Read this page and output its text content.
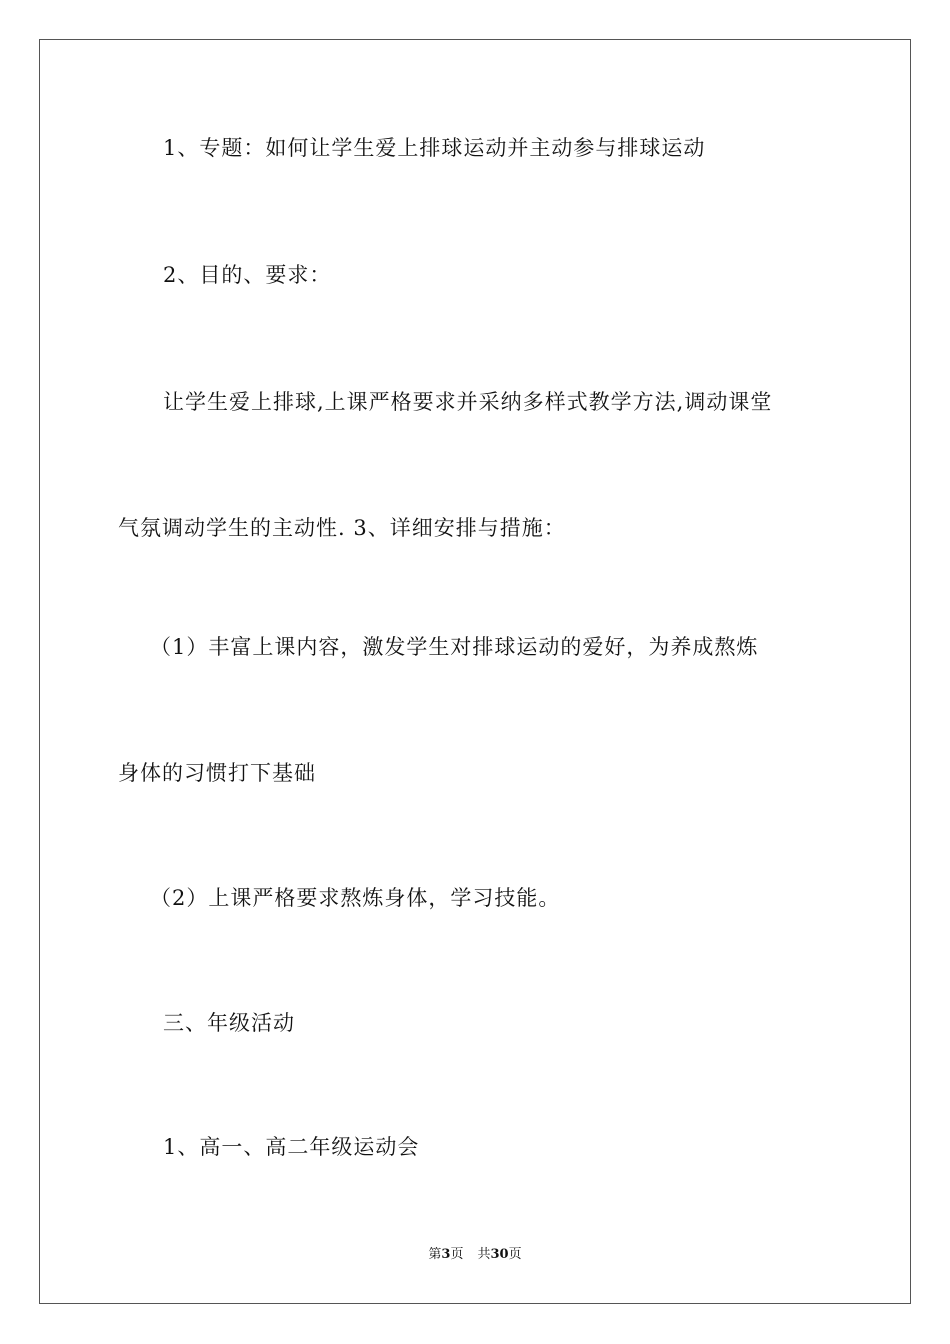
1、专题：如何让学生爱上排球运动并主动参与排球运动
2、目的、要求：
让学生爱上排球,上课严格要求并采纳多样式教学方法,调动课堂
气氛调动学生的主动性. 3、详细安排与措施：
（1）丰富上课内容，激发学生对排球运动的爱好，为养成熬炼
身体的习惯打下基础
（2）上课严格要求熬炼身体，学习技能。
三、年级活动
1、高一、高二年级运动会
第3页 共30页
